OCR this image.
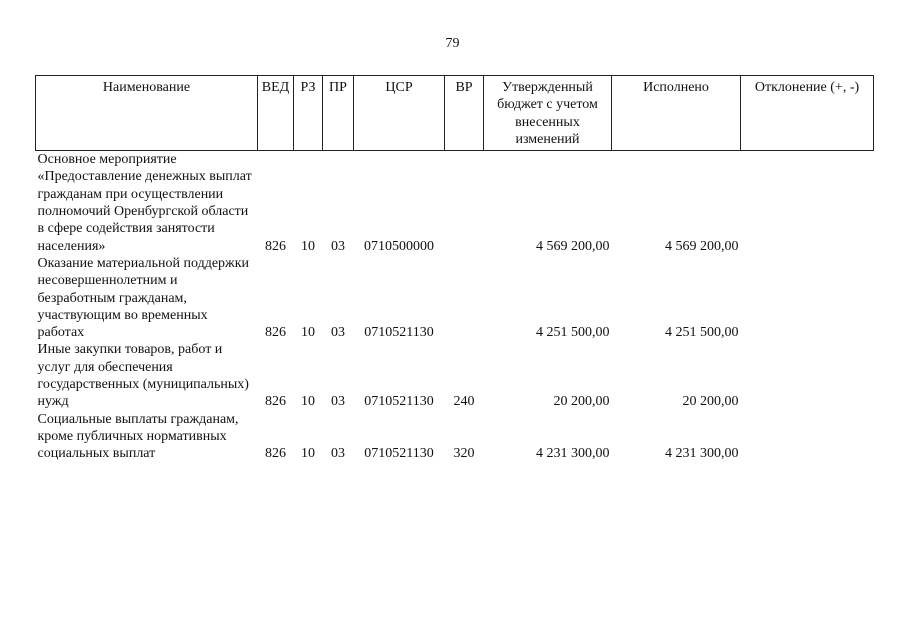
79
Наименование	ВЕД	РЗ	ПР	ЦСР	ВР	Утвержденный бюджет с учетом внесенных изменений	Исполнено	Отклонение (+, -)
Основное мероприятие «Предоставление денежных выплат гражданам при осуществлении полномочий Оренбургской области в сфере содействия занятости населения»	826	10	03	0710500000		4 569 200,00	4 569 200,00	
Оказание материальной поддержки несовершеннолетним и безработным гражданам, участвующим во временных работах	826	10	03	0710521130		4 251 500,00	4 251 500,00	
Иные закупки товаров, работ и услуг для обеспечения государственных (муниципальных) нужд	826	10	03	0710521130	240	20 200,00	20 200,00	
Социальные выплаты гражданам, кроме публичных нормативных социальных выплат	826	10	03	0710521130	320	4 231 300,00	4 231 300,00	
